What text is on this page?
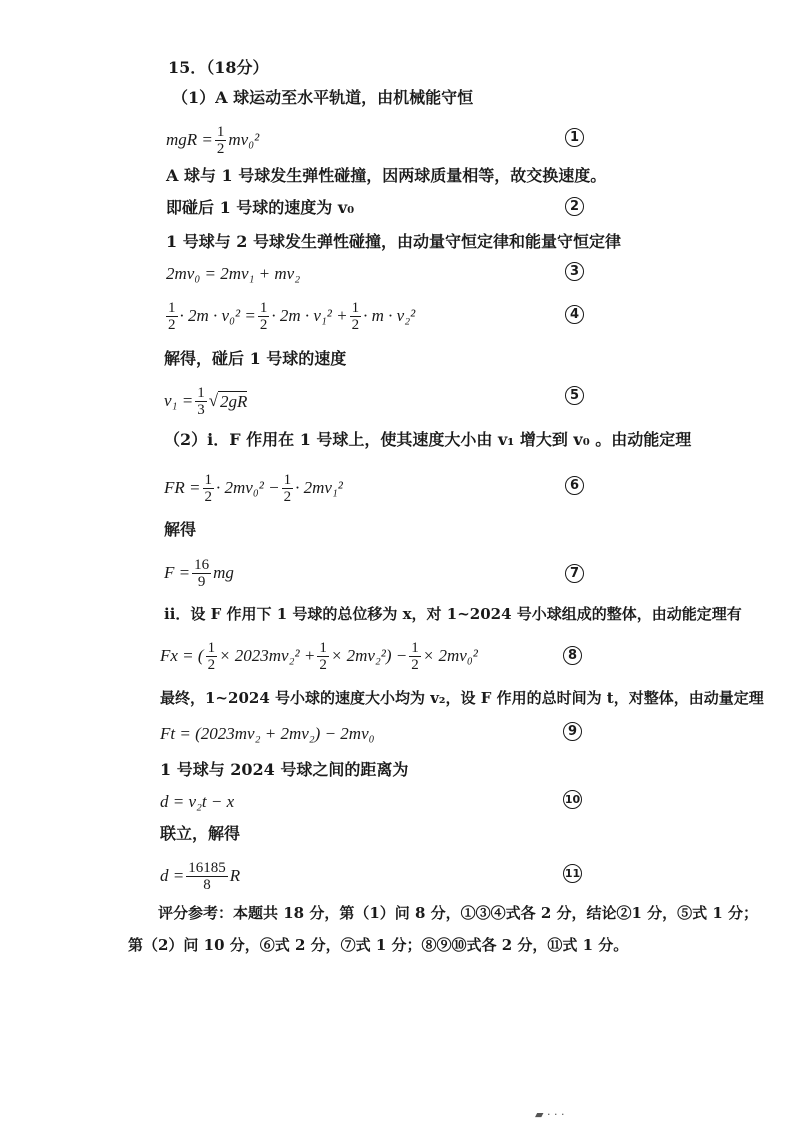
15．（18分）
（1）A 球运动至水平轨道，由机械能守恒
mgR = $\frac{1}{2} mv_0^2$	1
A 球与 1 号球发生弹性碰撞，因两球质量相等，故交换速度。
即碰后 1 号球的速度为 v₀	2
1 号球与 2 号球发生弹性碰撞，由动量守恒定律和能量守恒定律
2mv₀ = 2mv₁ + mv₂	3
$\frac{1}{2} \cdot 2m \cdot v_0^2 = \frac{1}{2} \cdot 2m \cdot v_1^2 + \frac{1}{2} \cdot m \cdot v_2^2$	4
解得，碰后 1 号球的速度
$v_1 = \frac{1}{3}$ √ 2gR	5
（2）ⅰ．F 作用在 1 号球上，使其速度大小由 v₁ 增大到 v₀ 。由动能定理
FR = $\frac{1}{2} \cdot 2mv_0^2 - \frac{1}{2} \cdot 2mv_1^2$	6
解得
$F = \frac{16}{9}$ mg	7
ⅱ．设 F 作用下 1 号球的总位移为 x，对 1~2024 号小球组成的整体，由动能定理有
Fx = ( $\frac{1}{2} \times 2023mv_2^2 + \frac{1}{2} \times 2mv_2^2) - \frac{1}{2} \times 2mv_0^2$	8
最终，1~2024 号小球的速度大小均为 v₂，设 F 作用的总时间为 t，对整体，由动量定理
Ft = (2023mv₂ + 2mv₂) − 2mv₀	9
1 号球与 2024 号球之间的距离为
d = v₂t − x	10
联立，解得
$d = \frac{16185}{8}$ R	11
评分参考：本题共 18 分，第（1）问 8 分，①③④式各 2 分，结论②1 分，⑤式 1 分；
第（2）问 10 分，⑥式 2 分，⑦式 1 分；⑧⑨⑩式各 2 分，⑪式 1 分。
▰ · · ·
